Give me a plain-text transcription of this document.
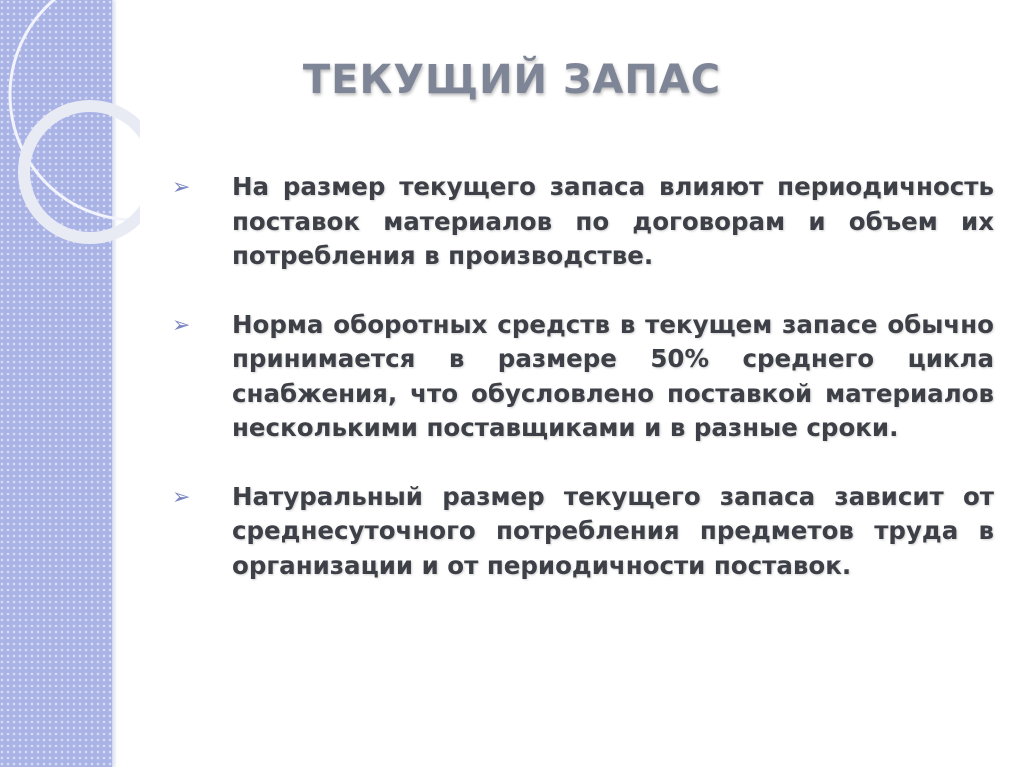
ТЕКУЩИЙ ЗАПАС
➢ На размер текущего запаса влияют периодичность поставок материалов по договорам и объем их потребления в производстве.
➢ Норма оборотных средств в текущем запасе обычно принимается в размере 50% среднего цикла снабжения, что обусловлено поставкой материалов несколькими поставщиками и в разные сроки.
➢ Натуральный размер текущего запаса зависит от среднесуточного потребления предметов труда в организации и от периодичности поставок.
